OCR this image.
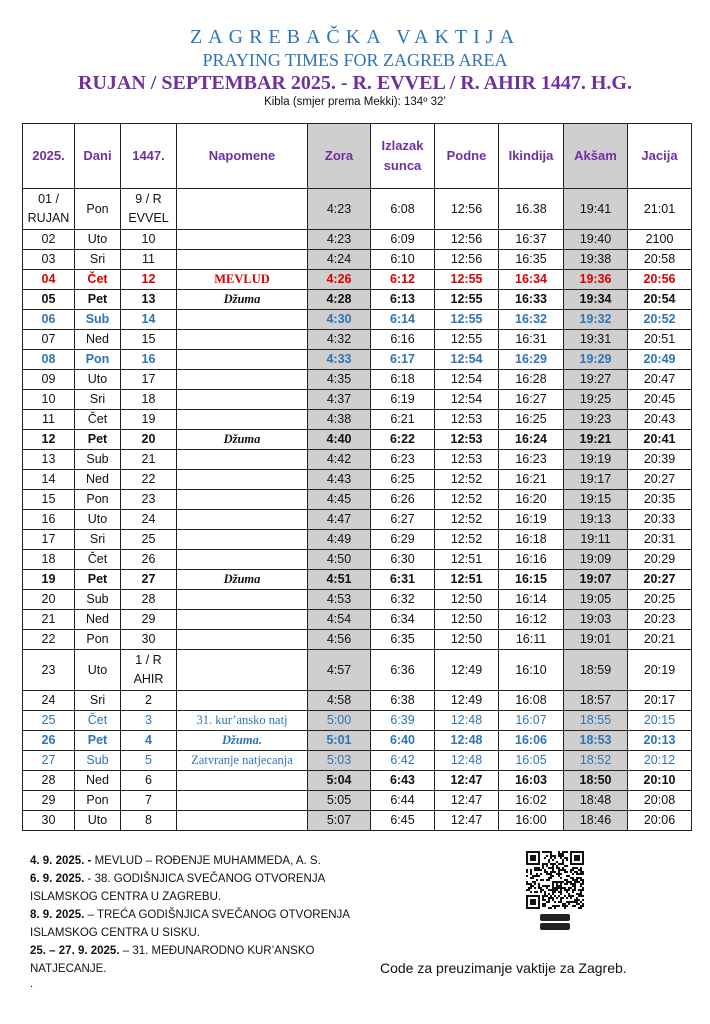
ZAGREBAČKA VAKTIJA
PRAYING TIMES FOR ZAGREB AREA
RUJAN / SEPTEMBAR 2025. - R. EVVEL / R. AHIR 1447. H.G.
Kibla (smjer prema Mekki): 134º 32’
2025.	Dani	1447.	Napomene	Zora	Izlazak sunca	Podne	Ikindija	Akšam	Jacija
01 / RUJAN	Pon	9 / R EVVEL		4:23	6:08	12:56	16.38	19:41	21:01
02	Uto	10		4:23	6:09	12:56	16:37	19:40	2100
03	Sri	11		4:24	6:10	12:56	16:35	19:38	20:58
04	Čet	12	MEVLUD	4:26	6:12	12:55	16:34	19:36	20:56
05	Pet	13	Džuma	4:28	6:13	12:55	16:33	19:34	20:54
06	Sub	14		4:30	6:14	12:55	16:32	19:32	20:52
07	Ned	15		4:32	6:16	12:55	16:31	19:31	20:51
08	Pon	16		4:33	6:17	12:54	16:29	19:29	20:49
09	Uto	17		4:35	6:18	12:54	16:28	19:27	20:47
10	Sri	18		4:37	6:19	12:54	16:27	19:25	20:45
11	Čet	19		4:38	6:21	12:53	16:25	19:23	20:43
12	Pet	20	Džuma	4:40	6:22	12:53	16:24	19:21	20:41
13	Sub	21		4:42	6:23	12:53	16:23	19:19	20:39
14	Ned	22		4:43	6:25	12:52	16:21	19:17	20:27
15	Pon	23		4:45	6:26	12:52	16:20	19:15	20:35
16	Uto	24		4:47	6:27	12:52	16:19	19:13	20:33
17	Sri	25		4:49	6:29	12:52	16:18	19:11	20:31
18	Čet	26		4:50	6:30	12:51	16:16	19:09	20:29
19	Pet	27	Džuma	4:51	6:31	12:51	16:15	19:07	20:27
20	Sub	28		4:53	6:32	12:50	16:14	19:05	20:25
21	Ned	29		4:54	6:34	12:50	16:12	19:03	20:23
22	Pon	30		4:56	6:35	12:50	16:11	19:01	20:21
23	Uto	1 / R AHIR		4:57	6:36	12:49	16:10	18:59	20:19
24	Sri	2		4:58	6:38	12:49	16:08	18:57	20:17
25	Čet	3	31. kur’ansko natj	5:00	6:39	12:48	16:07	18:55	20:15
26	Pet	4	Džuma.	5:01	6:40	12:48	16:06	18:53	20:13
27	Sub	5	Zatvranje natjecanja	5:03	6:42	12:48	16:05	18:52	20:12
28	Ned	6		5:04	6:43	12:47	16:03	18:50	20:10
29	Pon	7		5:05	6:44	12:47	16:02	18:48	20:08
30	Uto	8		5:07	6:45	12:47	16:00	18:46	20:06

4. 9. 2025. - MEVLUD – ROĐENJE MUHAMMEDA, A. S.

6. 9. 2025. - 38. GODIŠNJICA SVEČANOG OTVORENJA ISLAMSKOG CENTRA U ZAGREBU.

8. 9. 2025. – TREĆA GODIŠNJICA SVEČANOG OTVORENJA ISLAMSKOG CENTRA U SISKU.

25. – 27. 9. 2025. – 31. MEĐUNARODNO KUR’ANSKO NATJECANJE.	Code za preuzimanje vaktije za Zagreb.
.
